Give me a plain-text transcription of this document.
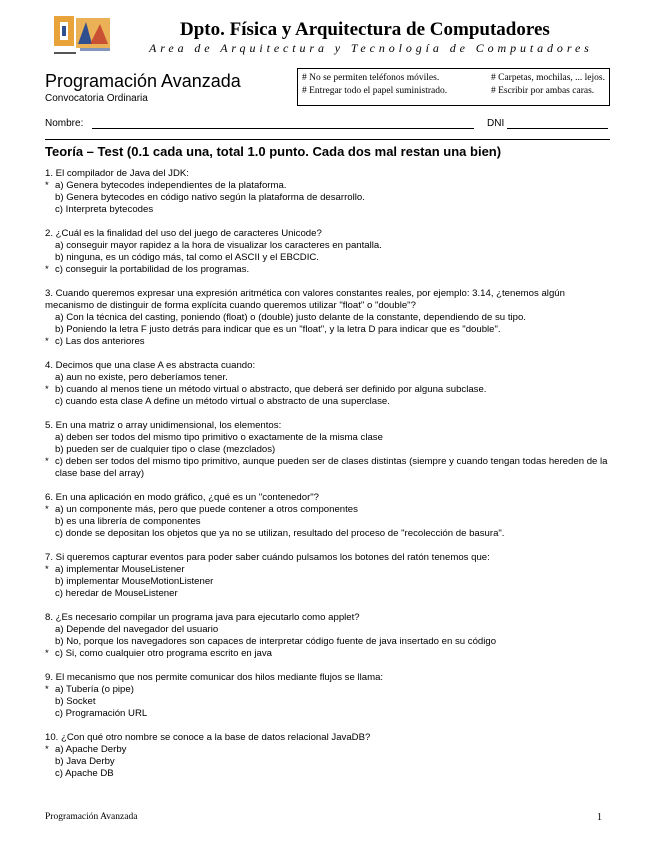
Dpto. Física y Arquitectura de Computadores
Area de Arquitectura y Tecnología de Computadores
Programación Avanzada
Convocatoria Ordinaria
# No se permiten teléfonos móviles.	# Carpetas, mochilas, ... lejos.
# Entregar todo el papel suministrado.	# Escribir por ambas caras.
Nombre:	DNI
Teoría – Test (0.1 cada una, total 1.0 punto. Cada dos mal restan una bien)
1. El compilador de Java del JDK:
* a) Genera bytecodes independientes de la plataforma.
b) Genera bytecodes en código nativo según la plataforma de desarrollo.
c) Interpreta bytecodes
2. ¿Cuál es la finalidad del uso del juego de caracteres Unicode?
a) conseguir mayor rapidez a la hora de visualizar los caracteres en pantalla.
b) ninguna, es un código más, tal como el ASCII y el EBCDIC.
* c) conseguir la portabilidad de los programas.
3. Cuando queremos expresar una expresión aritmética con valores constantes reales, por ejemplo: 3.14, ¿tenemos algún mecanismo de distinguir de forma explícita cuando queremos utilizar "float" o "double"?
a) Con la técnica del casting, poniendo (float) o (double) justo delante de la constante, dependiendo de su tipo.
b) Poniendo la letra F justo detrás para indicar que es un "float", y la letra D para indicar que es "double".
* c) Las dos anteriores
4. Decimos que una clase A es abstracta cuando:
a) aun no existe, pero deberíamos tener.
* b) cuando al menos tiene un método virtual o abstracto, que deberá ser definido por alguna subclase.
c) cuando esta clase A define un método virtual o abstracto de una superclase.
5. En una matriz o array unidimensional, los elementos:
a) deben ser todos del mismo tipo primitivo o exactamente de la misma clase
b) pueden ser de cualquier tipo o clase (mezclados)
* c) deben ser todos del mismo tipo primitivo, aunque pueden ser de clases distintas (siempre y cuando tengan todas hereden de la clase base del array)
6. En una aplicación en modo gráfico, ¿qué es un "contenedor"?
* a) un componente más, pero que puede contener a otros componentes
b) es una librería de componentes
c) donde se depositan los objetos que ya no se utilizan, resultado del proceso de "recolección de basura".
7. Si queremos capturar eventos para poder saber cuándo pulsamos los botones del ratón tenemos que:
* a) implementar MouseListener
b) implementar MouseMotionListener
c) heredar de MouseListener
8. ¿Es necesario compilar un programa java para ejecutarlo como applet?
a) Depende del navegador del usuario
b) No, porque los navegadores son capaces de interpretar código fuente de java insertado en su código
* c) Si, como cualquier otro programa escrito en java
9. El mecanismo que nos permite comunicar dos hilos mediante flujos se llama:
* a) Tubería (o pipe)
b) Socket
c) Programación URL
10. ¿Con qué otro nombre se conoce a la base de datos relacional JavaDB?
* a) Apache Derby
b) Java Derby
c) Apache DB
Programación Avanzada	1
